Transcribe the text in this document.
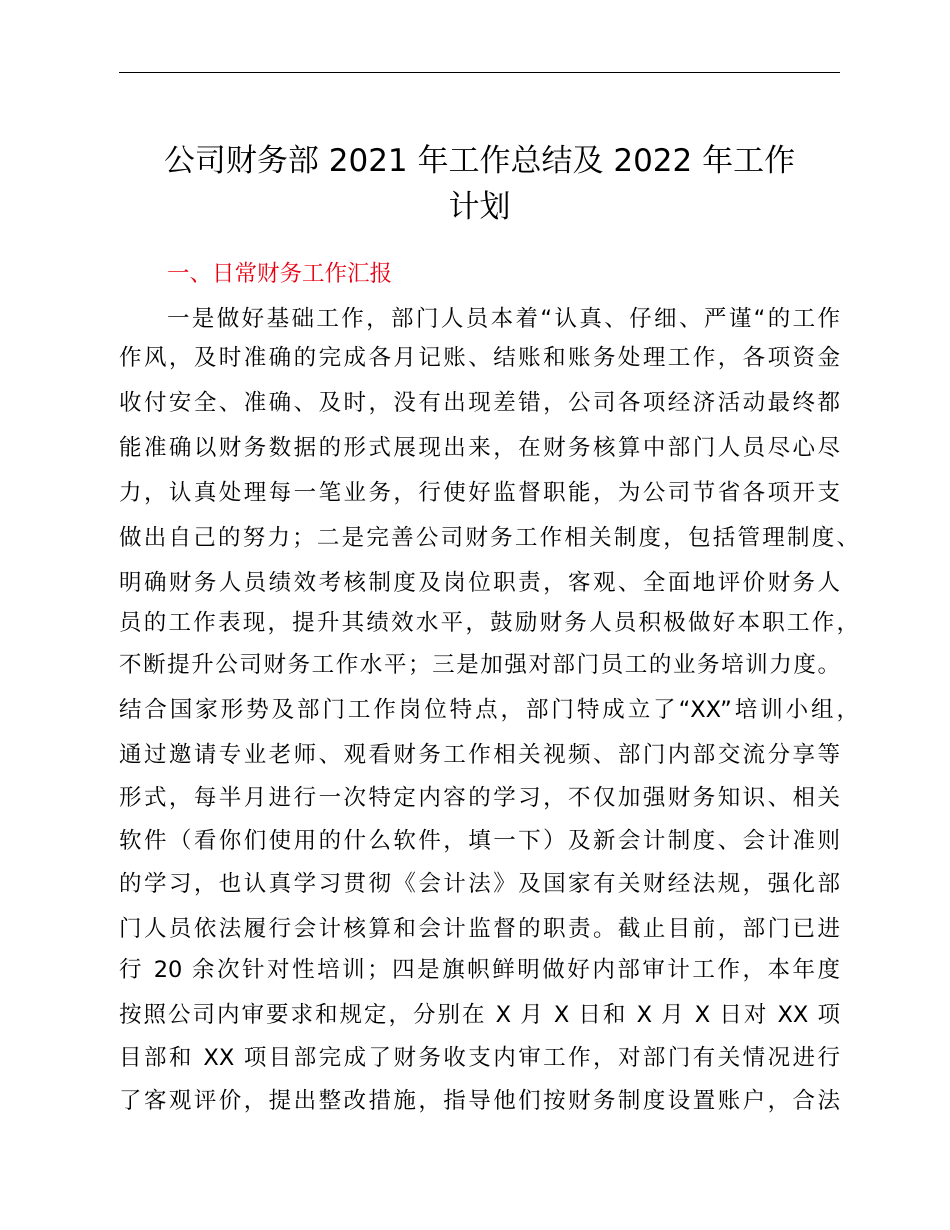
公司财务部 2021 年工作总结及 2022 年工作
计划
一、日常财务工作汇报
一是做好基础工作，部门人员本着“认真、仔细、严谨“的工作
作风，及时准确的完成各月记账、结账和账务处理工作，各项资金
收付安全、准确、及时，没有出现差错，公司各项经济活动最终都
能准确以财务数据的形式展现出来，在财务核算中部门人员尽心尽
力，认真处理每一笔业务，行使好监督职能，为公司节省各项开支
做出自己的努力；二是完善公司财务工作相关制度，包括管理制度、
明确财务人员绩效考核制度及岗位职责，客观、全面地评价财务人
员的工作表现，提升其绩效水平，鼓励财务人员积极做好本职工作，
不断提升公司财务工作水平；三是加强对部门员工的业务培训力度。
结合国家形势及部门工作岗位特点，部门特成立了“XX”培训小组，
通过邀请专业老师、观看财务工作相关视频、部门内部交流分享等
形式，每半月进行一次特定内容的学习，不仅加强财务知识、相关
软件（看你们使用的什么软件，填一下）及新会计制度、会计准则
的学习，也认真学习贯彻《会计法》及国家有关财经法规，强化部
门人员依法履行会计核算和会计监督的职责。截止目前，部门已进
行 20 余次针对性培训；四是旗帜鲜明做好内部审计工作，本年度
按照公司内审要求和规定，分别在 X 月 X 日和 X 月 X 日对 XX 项
目部和 XX 项目部完成了财务收支内审工作，对部门有关情况进行
了客观评价，提出整改措施，指导他们按财务制度设置账户，合法
